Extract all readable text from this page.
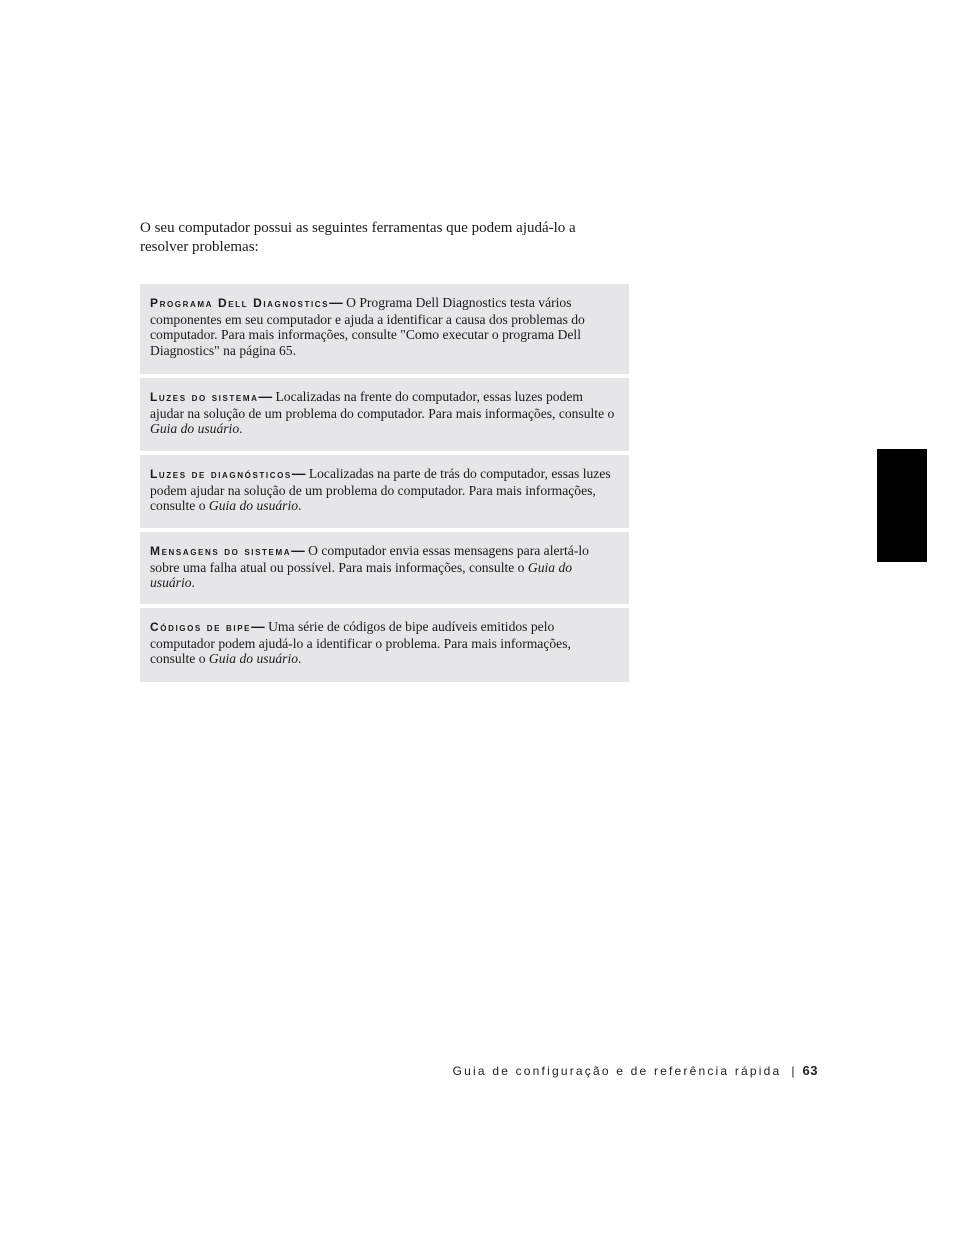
O seu computador possui as seguintes ferramentas que podem ajudá-lo a resolver problemas:

Programa Dell Diagnostics— O Programa Dell Diagnostics testa vários componentes em seu computador e ajuda a identificar a causa dos problemas do computador. Para mais informações, consulte "Como executar o programa Dell Diagnostics" na página 65.

Luzes do sistema— Localizadas na frente do computador, essas luzes podem ajudar na solução de um problema do computador. Para mais informações, consulte o Guia do usuário.

Luzes de diagnósticos— Localizadas na parte de trás do computador, essas luzes podem ajudar na solução de um problema do computador. Para mais informações, consulte o Guia do usuário.

Mensagens do sistema— O computador envia essas mensagens para alertá-lo sobre uma falha atual ou possível. Para mais informações, consulte o Guia do usuário.

Códigos de bipe— Uma série de códigos de bipe audíveis emitidos pelo computador podem ajudá-lo a identificar o problema. Para mais informações, consulte o Guia do usuário.

Guia de configuração e de referência rápida | 63
